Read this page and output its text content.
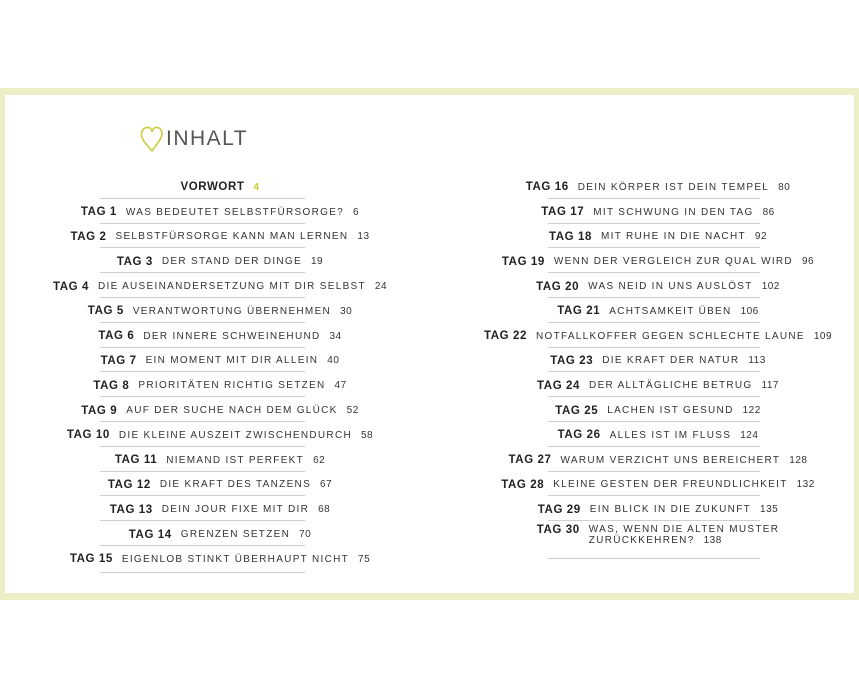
INHALT
VORWORT 4
TAG 1 WAS BEDEUTET SELBSTFÜRSORGE? 6
TAG 2 SELBSTFÜRSORGE KANN MAN LERNEN 13
TAG 3 DER STAND DER DINGE 19
TAG 4 DIE AUSEINANDERSETZUNG MIT DIR SELBST 24
TAG 5 VERANTWORTUNG ÜBERNEHMEN 30
TAG 6 DER INNERE SCHWEINEHUND 34
TAG 7 EIN MOMENT MIT DIR ALLEIN 40
TAG 8 PRIORITÄTEN RICHTIG SETZEN 47
TAG 9 AUF DER SUCHE NACH DEM GLÜCK 52
TAG 10 DIE KLEINE AUSZEIT ZWISCHENDURCH 58
TAG 11 NIEMAND IST PERFEKT 62
TAG 12 DIE KRAFT DES TANZENS 67
TAG 13 DEIN JOUR FIXE MIT DIR 68
TAG 14 GRENZEN SETZEN 70
TAG 15 EIGENLOB STINKT ÜBERHAUPT NICHT 75
TAG 16 DEIN KÖRPER IST DEIN TEMPEL 80
TAG 17 MIT SCHWUNG IN DEN TAG 86
TAG 18 MIT RUHE IN DIE NACHT 92
TAG 19 WENN DER VERGLEICH ZUR QUAL WIRD 96
TAG 20 WAS NEID IN UNS AUSLÖST 102
TAG 21 ACHTSAMKEIT ÜBEN 106
TAG 22 NOTFALLKOFFER GEGEN SCHLECHTE LAUNE 109
TAG 23 DIE KRAFT DER NATUR 113
TAG 24 DER ALLTÄGLICHE BETRUG 117
TAG 25 LACHEN IST GESUND 122
TAG 26 ALLES IST IM FLUSS 124
TAG 27 WARUM VERZICHT UNS BEREICHERT 128
TAG 28 KLEINE GESTEN DER FREUNDLICHKEIT 132
TAG 29 EIN BLICK IN DIE ZUKUNFT 135
TAG 30 WAS, WENN DIE ALTEN MUSTER
ZURÜCKKEHREN? 138
